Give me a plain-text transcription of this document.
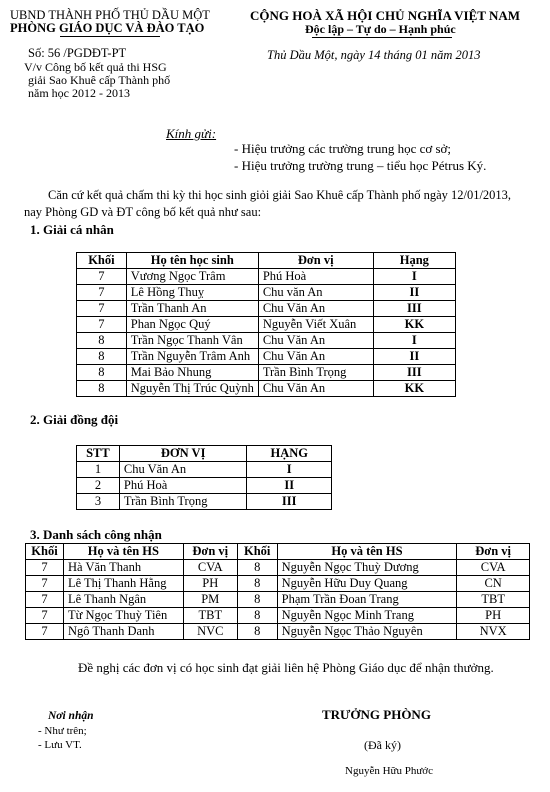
UBND THÀNH PHỐ THỦ DẦU MỘT
PHÒNG GIÁO DỤC VÀ ĐÀO TẠO
CỘNG HOÀ XÃ HỘI CHỦ NGHĨA VIỆT NAM
Độc lập – Tự do – Hạnh phúc
Số: 56 /PGDĐT-PT	Thủ Dầu Một, ngày 14 tháng 01 năm 2013
V/v Công bố kết quả thi HSG
giải Sao Khuê cấp Thành phố
năm học 2012 - 2013
Kính gửi:
- Hiệu trưởng các trường trung học cơ sở;
- Hiệu trưởng trường trung – tiểu học Pétrus Ký.
Căn cứ kết quả chấm thi kỳ thi học sinh giỏi giải Sao Khuê cấp Thành phố ngày 12/01/2013,
nay Phòng GD và ĐT công bố kết quả như sau:
1. Giải cá nhân
Khối	Họ tên học sinh	Đơn vị	Hạng
7	Vương Ngọc Trâm	Phú Hoà	I
7	Lê Hồng Thuỵ	Chu văn An	II
7	Trần Thanh An	Chu Văn An	III
7	Phan Ngọc Quý	Nguyễn Viết Xuân	KK
8	Trần Ngọc Thanh Vân	Chu Văn An	I
8	Trần Nguyễn Trâm Anh	Chu Văn An	II
8	Mai Bảo Nhung	Trần Bình Trọng	III
8	Nguyễn Thị Trúc Quỳnh	Chu Văn An	KK
2. Giải đồng đội
STT	ĐƠN VỊ	HẠNG
1	Chu Văn An	I
2	Phú Hoà	II
3	Trần Bình Trọng	III
3. Danh sách công nhận
Khối	Họ và tên HS	Đơn vị	Khối	Họ và tên HS	Đơn vị
7	Hà Văn Thanh	CVA	8	Nguyễn Ngọc Thuỳ Dương	CVA
7	Lê Thị Thanh Hằng	PH	8	Nguyễn Hữu Duy Quang	CN
7	Lê Thanh Ngân	PM	8	Phạm Trần Đoan Trang	TBT
7	Từ Ngọc Thuỳ Tiên	TBT	8	Nguyễn Ngọc Minh Trang	PH
7	Ngô Thanh Danh	NVC	8	Nguyễn Ngọc Thảo Nguyên	NVX
Đề nghị các đơn vị có học sinh đạt giải liên hệ Phòng Giáo dục để nhận thưởng.
Nơi nhận
- Như trên;
- Lưu VT.
TRƯỞNG PHÒNG
(Đã ký)
Nguyễn Hữu Phước
